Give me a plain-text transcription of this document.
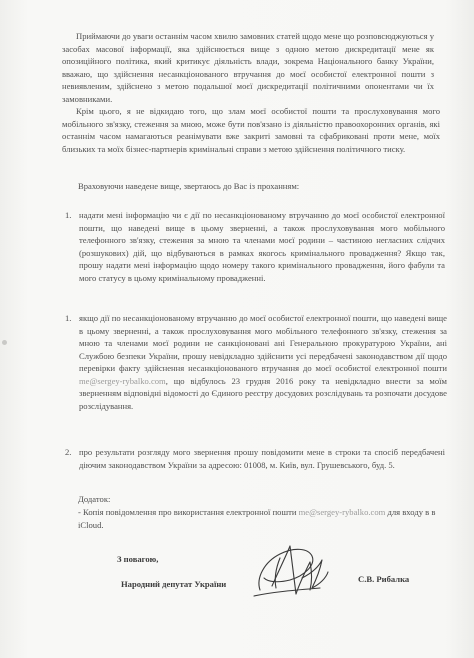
Приймаючи до уваги останнім часом хвилю замовних статей щодо мене що розповсюджуються у засобах масової інформації, яка здійснюється вище з одною метою дискредитації мене як опозиційного політика, який критикує діяльність влади, зокрема Національного банку України, вважаю, що здійснення несанкціонованого втручання до моєї особистої електронної пошти з невиявленим, здійснено з метою подальшої моєї дискредитації політичними опонентами чи їх замовниками.

Крім цього, я не відкидаю того, що злам моєї особистої пошти та прослуховування мого мобільного зв'язку, стеження за мною, може бути пов'язано із діяльністю правоохоронних органів, які останнім часом намагаються реанімувати вже закриті замовні та сфабриковані проти мене, моїх близьких та моїх бізнес-партнерів кримінальні справи з метою здійснення політичного тиску.

Враховуючи наведене вище, звертаюсь до Вас із проханням:

1. надати мені інформацію чи є дії по несанкціонованому втручанню до моєї особистої електронної пошти, що наведені вище в цьому зверненні, а також прослуховування мого мобільного телефонного зв'язку, стеження за мною та членами моєї родини – частиною негласних слідчих (розшукових) дій, що відбуваються в рамках якогось кримінального провадження? Якщо так, прошу надати мені інформацію щодо номеру такого кримінального провадження, його фабули та мого статусу в цьому кримінальному провадженні.
1. якщо дії по несанкціонованому втручанню до моєї особистої електронної пошти, що наведені вище в цьому зверненні, а також прослуховування мого мобільного телефонного зв'язку, стеження за мною та членами моєї родини не санкціоновані ані Генеральною прокуратурою України, ані Службою безпеки України, прошу невідкладно здійснити усі передбачені законодавством дії щодо перевірки факту здійснення несанкціонованого втручання до моєї особистої електронної пошти me@sergey-rybalko.com, що відбулось 23 грудня 2016 року та невідкладно внести за моїм зверненням відповідні відомості до Єдиного реєстру досудових розслідувань та розпочати досудове розслідування.
2. про результати розгляду мого звернення прошу повідомити мене в строки та спосіб передбачені діючим законодавством України за адресою: 01008, м. Київ, вул. Грушевського, буд. 5.

Додаток:

- Копія повідомлення про використання електронної пошти me@sergey-rybalko.com для входу в в iCloud.

З повагою,

Народний депутат України	С.В. Рибалка
